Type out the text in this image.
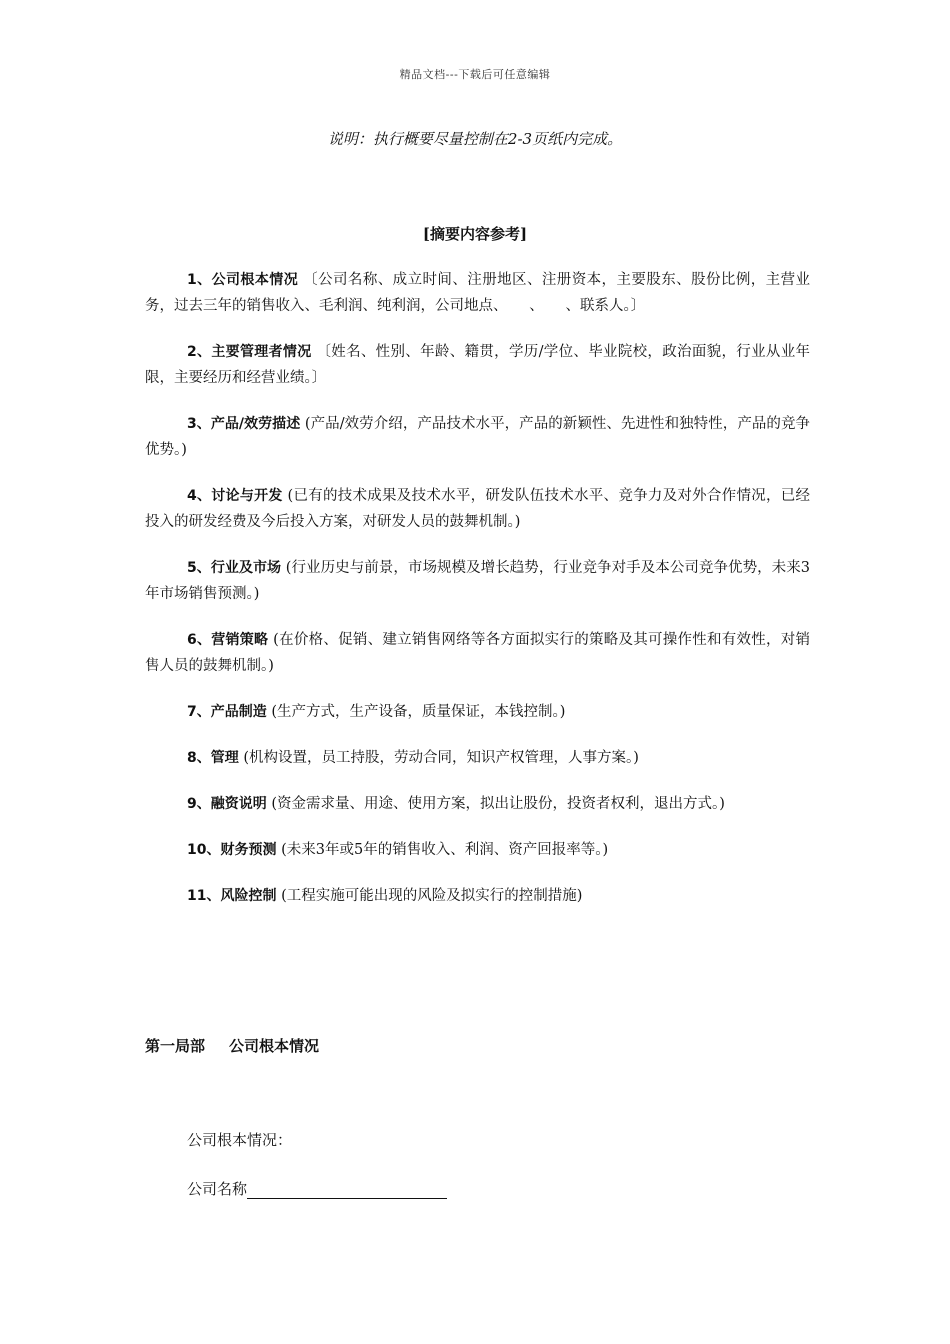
精品文档---下载后可任意编辑
说明：执行概要尽量控制在2-3页纸内完成。
[摘要内容参考]

1、公司根本情况 〔公司名称、成立时间、注册地区、注册资本，主要股东、股份比例，主营业务，过去三年的销售收入、毛利润、纯利润，公司地点、　　、　　、联系人。〕

2、主要管理者情况 〔姓名、性别、年龄、籍贯，学历/学位、毕业院校，政治面貌，行业从业年限，主要经历和经营业绩。〕

3、产品/效劳描述 (产品/效劳介绍，产品技术水平，产品的新颖性、先进性和独特性，产品的竞争优势。)

4、讨论与开发 (已有的技术成果及技术水平，研发队伍技术水平、竞争力及对外合作情况，已经投入的研发经费及今后投入方案，对研发人员的鼓舞机制。)

5、行业及市场 (行业历史与前景，市场规模及增长趋势，行业竞争对手及本公司竞争优势，未来3年市场销售预测。)

6、营销策略 (在价格、促销、建立销售网络等各方面拟实行的策略及其可操作性和有效性，对销售人员的鼓舞机制。)

7、产品制造 (生产方式，生产设备，质量保证，本钱控制。)

8、管理 (机构设置，员工持股，劳动合同，知识产权管理，人事方案。)

9、融资说明 (资金需求量、用途、使用方案，拟出让股份，投资者权利，退出方式。)

10、财务预测 (未来3年或5年的销售收入、利润、资产回报率等。)

11、风险控制 (工程实施可能出现的风险及拟实行的控制措施)

第一局部 公司根本情况
公司根本情况：
公司名称
